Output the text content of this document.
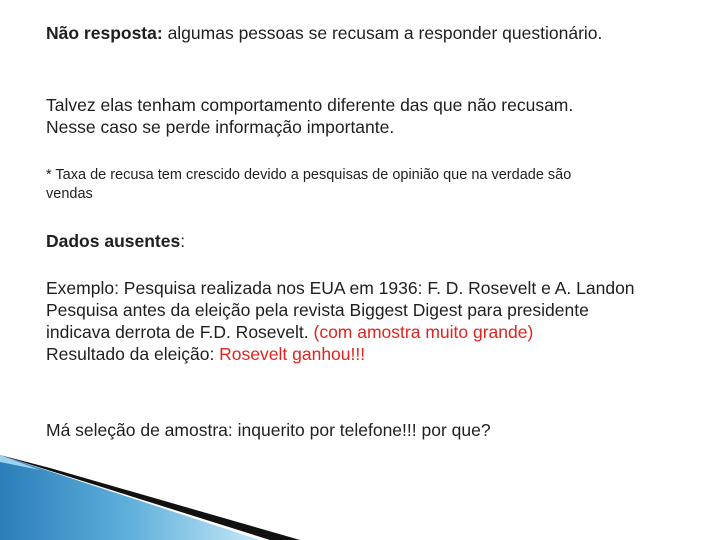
Não resposta: algumas pessoas se recusam a responder questionário.

Talvez elas tenham comportamento diferente das que não recusam.
Nesse caso se perde informação importante.

* Taxa de recusa tem crescido devido a pesquisas de opinião que na verdade são vendas

Dados ausentes:

Exemplo: Pesquisa realizada nos EUA em 1936: F. D. Rosevelt e A. Landon
Pesquisa antes da eleição pela revista Biggest Digest para presidente
indicava derrota de F.D. Rosevelt. (com amostra muito grande)
Resultado da eleição: Rosevelt ganhou!!!

Má seleção de amostra: inquerito por telefone!!! por que?
